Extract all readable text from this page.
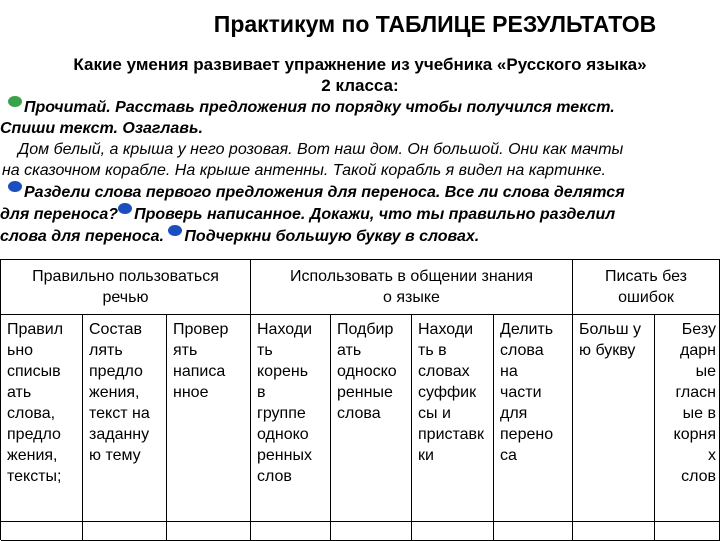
Практикум по ТАБЛИЦЕ РЕЗУЛЬТАТОВ
Какие умения развивает упражнение из учебника «Русского языка»
2 класса:
Прочитай. Расставь предложения по порядку чтобы получился текст.
Спиши текст. Озаглавь.
Дом белый, а крыша у него розовая. Вот наш дом. Он большой. Они как мачты
на сказочном корабле. На крыше антенны. Такой корабль я видел на картинке.
Раздели слова первого предложения для переноса. Все ли слова делятся
для переноса? Проверь написанное. Докажи, что ты правильно разделил
слова для переноса. Подчеркни большую букву в словах.
Правильно пользоваться
речью
Использовать в общении знания
о языке
Писать без
ошибок
Правил
ьно
списыв
ать
слова,
предло
жения,
тексты;
Состав
лять
предло
жения,
текст на
заданну
ю тему
Провер
ять
написа
нное
Находи
ть
корень
в
группе
одноко
ренных
слов
Подбир
ать
односко
ренные
слова
Находи
ть в
словах
суффик
сы и
приставк
ки
Делить
слова
на
части
для
перено
са
Больш у
ю букву
Безу
дарн
ые
гласн
ые в
корня
х
слов
